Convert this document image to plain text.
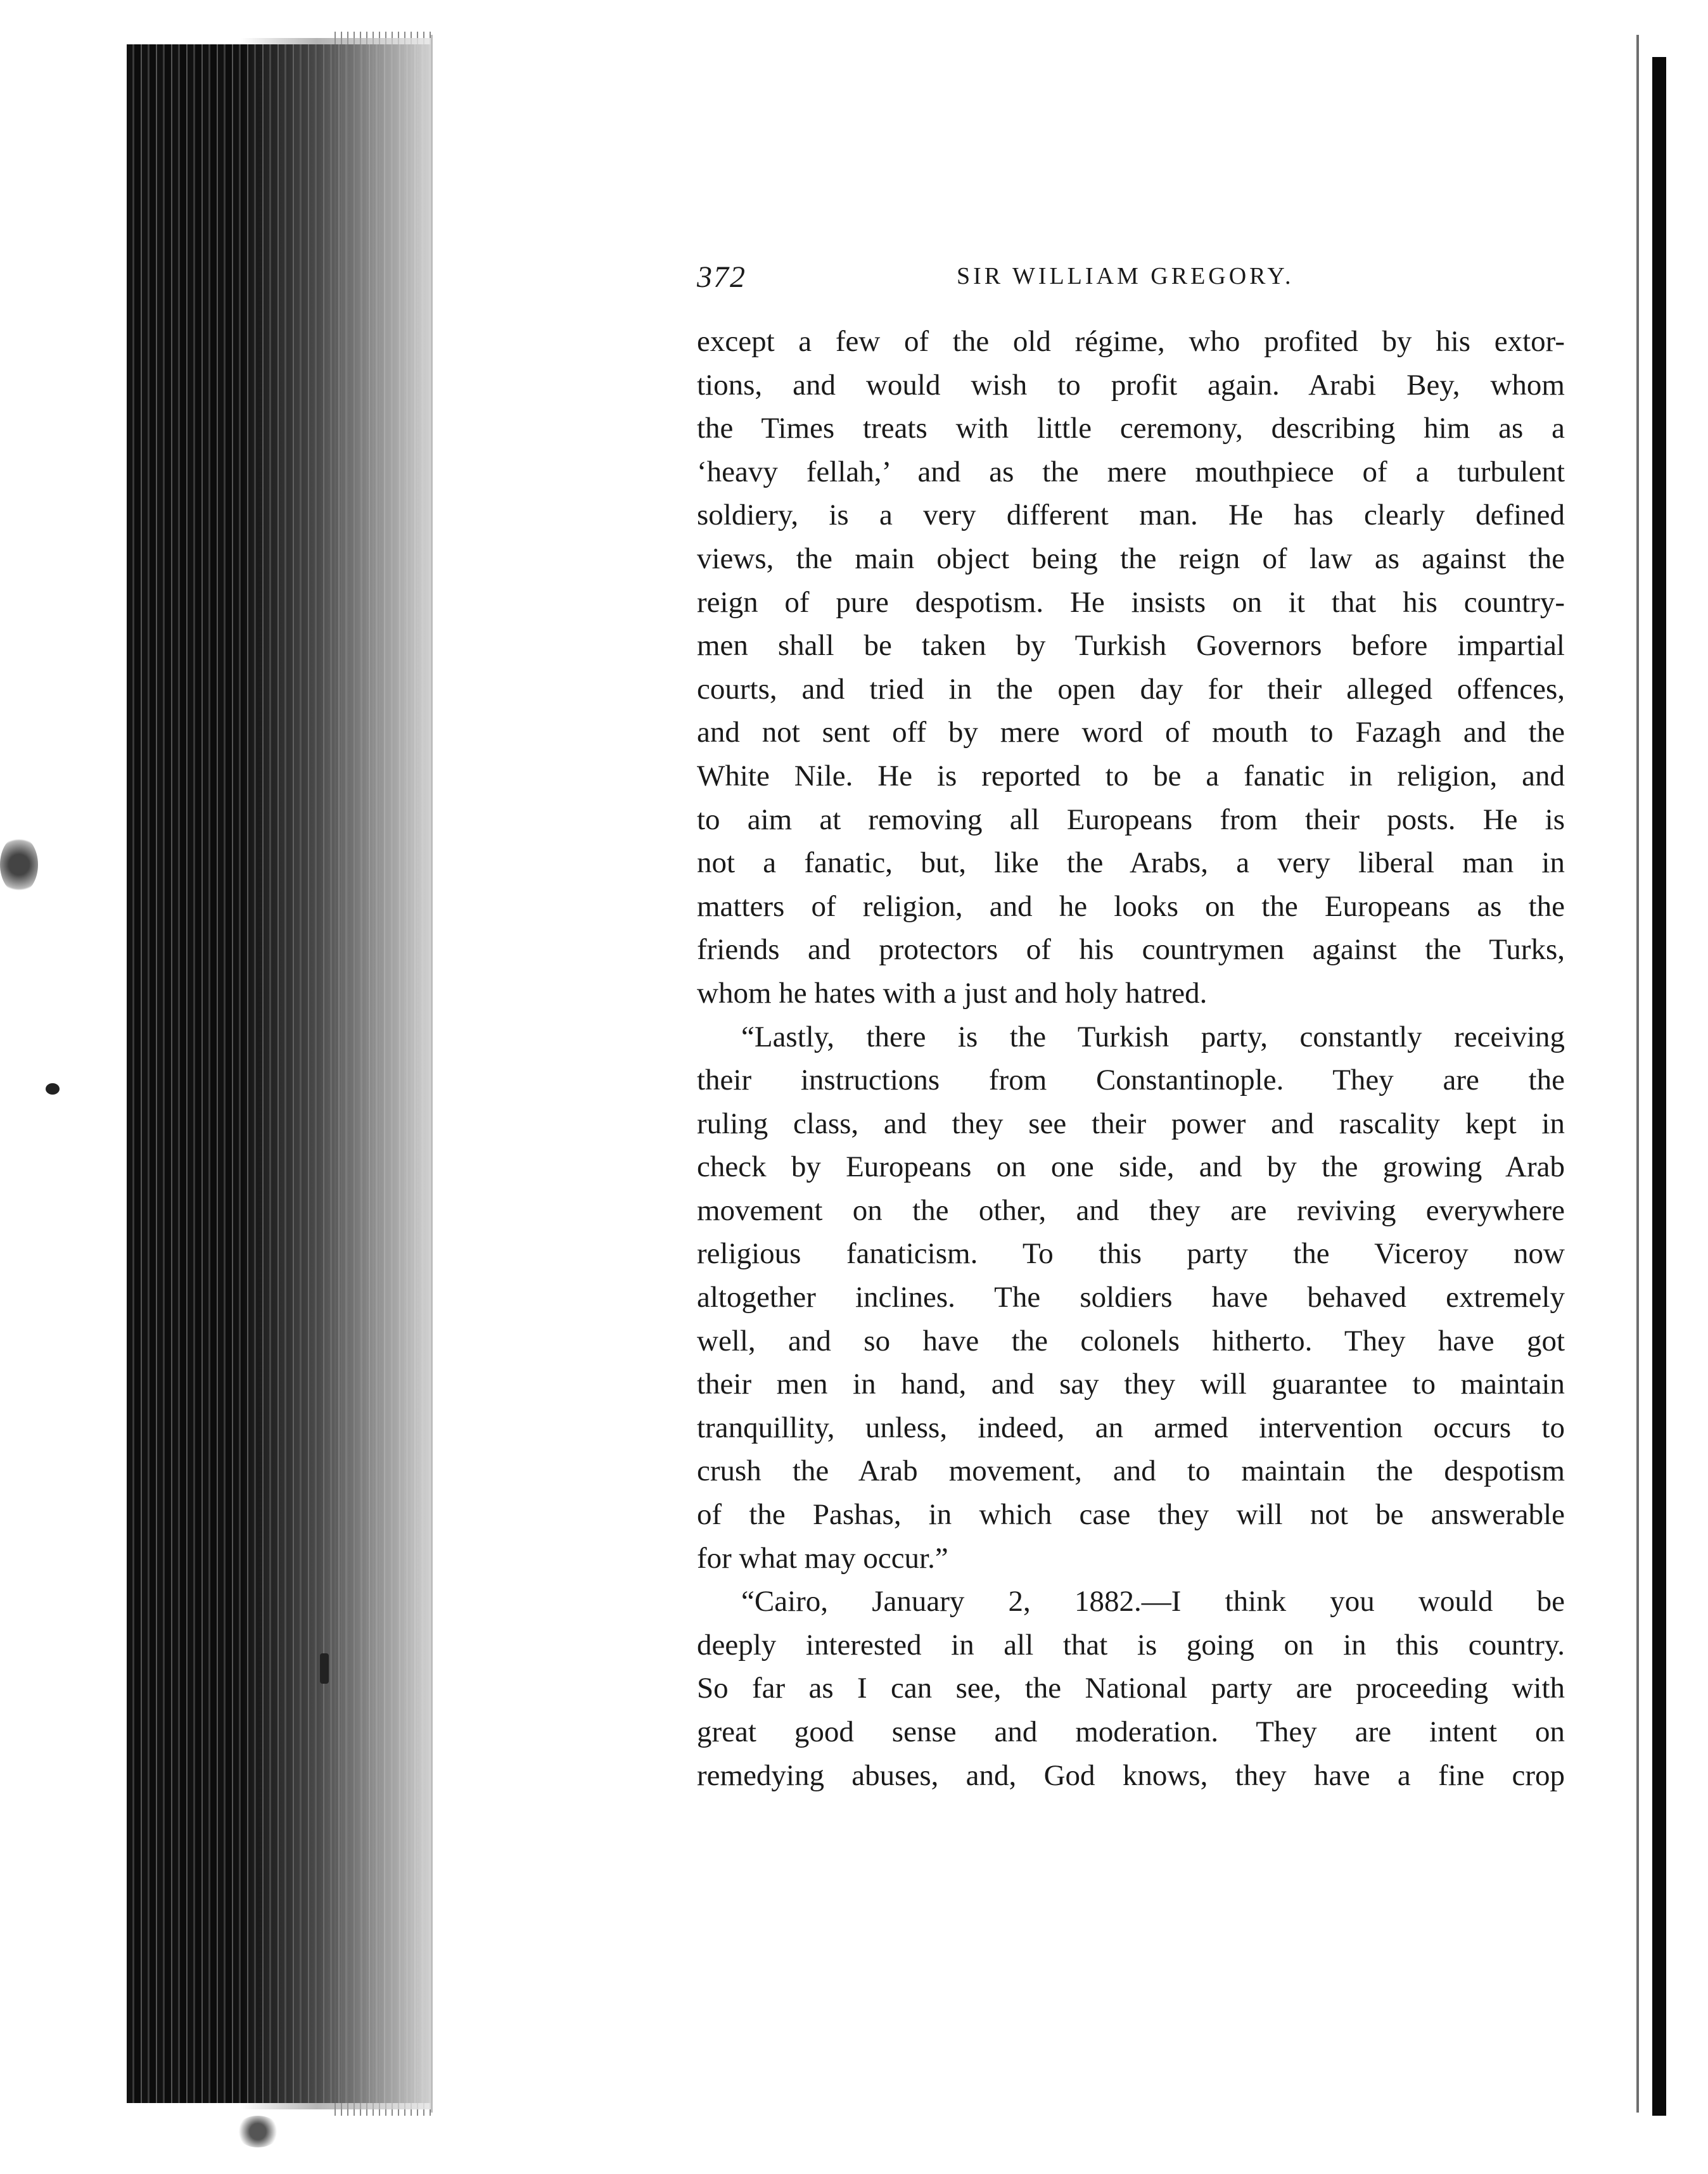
372	SIR WILLIAM GREGORY.
except a few of the old régime, who profited by his extor-
tions, and would wish to profit again. Arabi Bey, whom
the Times treats with little ceremony, describing him as a
‘heavy fellah,’ and as the mere mouthpiece of a turbulent
soldiery, is a very different man. He has clearly defined
views, the main object being the reign of law as against the
reign of pure despotism. He insists on it that his country-
men shall be taken by Turkish Governors before impartial
courts, and tried in the open day for their alleged offences,
and not sent off by mere word of mouth to Fazagh and the
White Nile. He is reported to be a fanatic in religion, and
to aim at removing all Europeans from their posts. He is
not a fanatic, but, like the Arabs, a very liberal man in
matters of religion, and he looks on the Europeans as the
friends and protectors of his countrymen against the Turks,
whom he hates with a just and holy hatred.
“Lastly, there is the Turkish party, constantly receiving
their instructions from Constantinople. They are the
ruling class, and they see their power and rascality kept in
check by Europeans on one side, and by the growing Arab
movement on the other, and they are reviving everywhere
religious fanaticism. To this party the Viceroy now
altogether inclines. The soldiers have behaved extremely
well, and so have the colonels hitherto. They have got
their men in hand, and say they will guarantee to maintain
tranquillity, unless, indeed, an armed intervention occurs to
crush the Arab movement, and to maintain the despotism
of the Pashas, in which case they will not be answerable
for what may occur.”
“Cairo, January 2, 1882.—I think you would be
deeply interested in all that is going on in this country.
So far as I can see, the National party are proceeding with
great good sense and moderation. They are intent on
remedying abuses, and, God knows, they have a fine crop
